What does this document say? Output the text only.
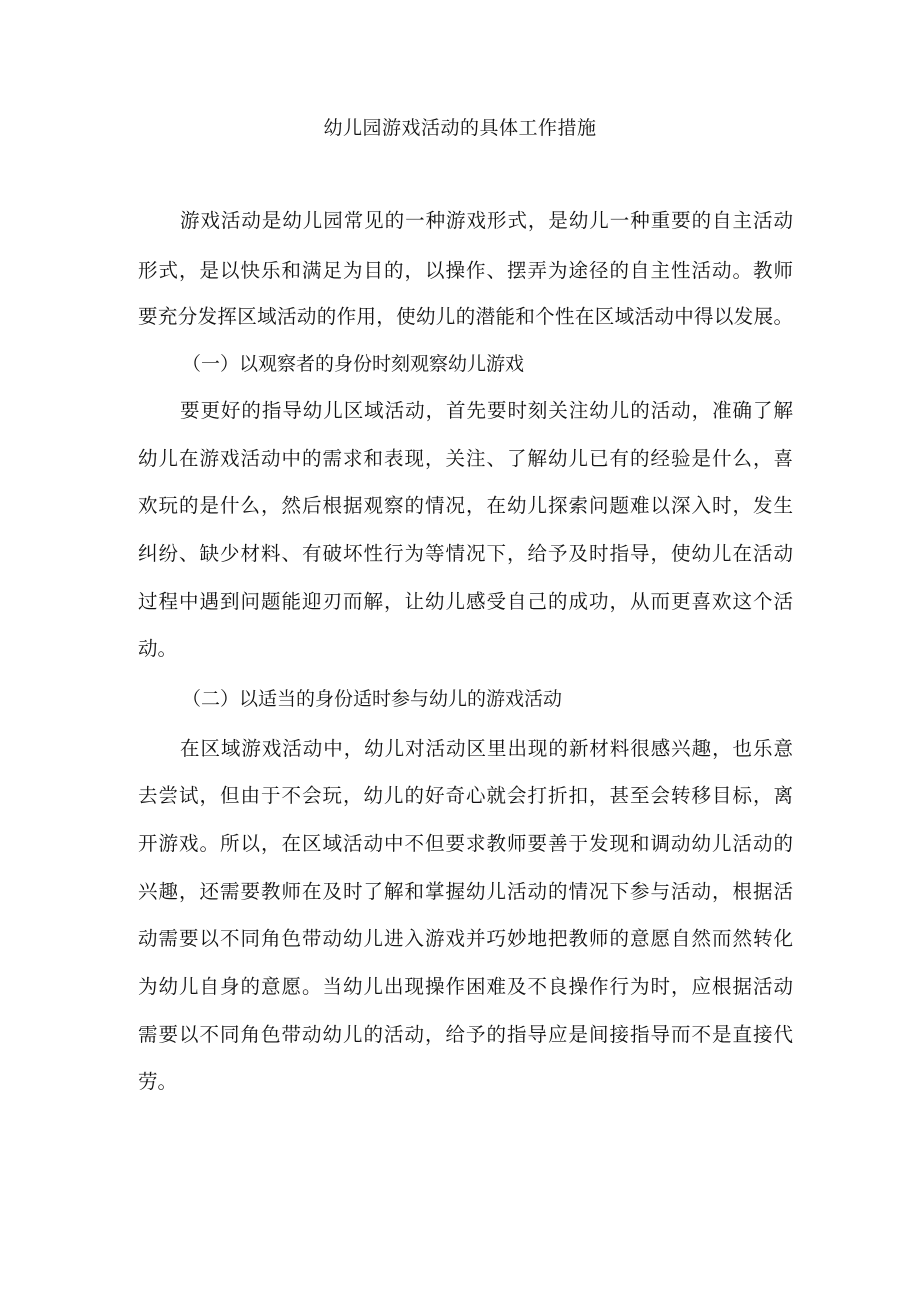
幼儿园游戏活动的具体工作措施
游戏活动是幼儿园常见的一种游戏形式，是幼儿一种重要的自主活动
形式，是以快乐和满足为目的，以操作、摆弄为途径的自主性活动。教师
要充分发挥区域活动的作用，使幼儿的潜能和个性在区域活动中得以发展。
（一）以观察者的身份时刻观察幼儿游戏
要更好的指导幼儿区域活动，首先要时刻关注幼儿的活动，准确了解
幼儿在游戏活动中的需求和表现，关注、了解幼儿已有的经验是什么，喜
欢玩的是什么，然后根据观察的情况，在幼儿探索问题难以深入时，发生
纠纷、缺少材料、有破坏性行为等情况下，给予及时指导，使幼儿在活动
过程中遇到问题能迎刃而解，让幼儿感受自己的成功，从而更喜欢这个活
动。
（二）以适当的身份适时参与幼儿的游戏活动
在区域游戏活动中，幼儿对活动区里出现的新材料很感兴趣，也乐意
去尝试，但由于不会玩，幼儿的好奇心就会打折扣，甚至会转移目标，离
开游戏。所以，在区域活动中不但要求教师要善于发现和调动幼儿活动的
兴趣，还需要教师在及时了解和掌握幼儿活动的情况下参与活动，根据活
动需要以不同角色带动幼儿进入游戏并巧妙地把教师的意愿自然而然转化
为幼儿自身的意愿。当幼儿出现操作困难及不良操作行为时，应根据活动
需要以不同角色带动幼儿的活动，给予的指导应是间接指导而不是直接代
劳。
